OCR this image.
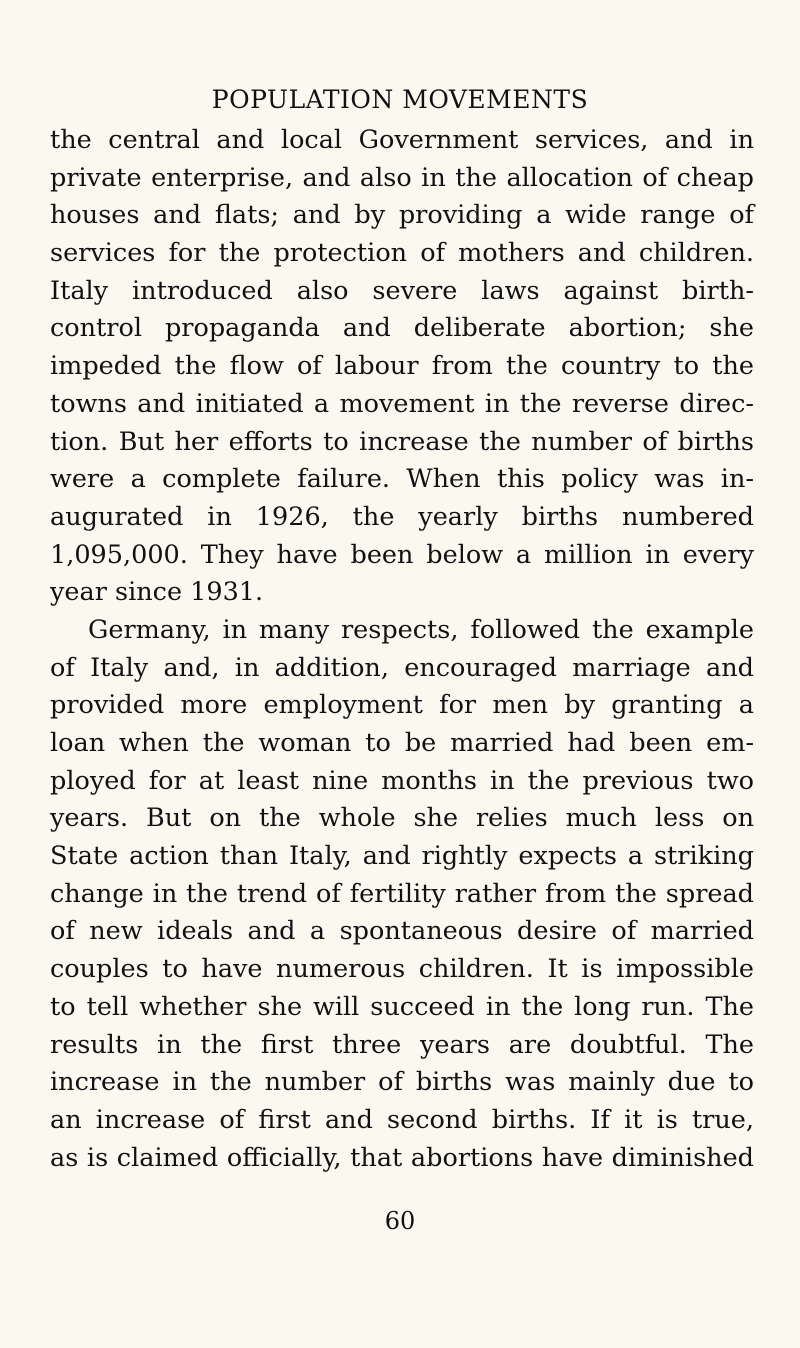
POPULATION MOVEMENTS
the central and local Government services, and in
private enterprise, and also in the allocation of cheap
houses and flats; and by providing a wide range of
services for the protection of mothers and children.
Italy introduced also severe laws against birth-
control propaganda and deliberate abortion; she
impeded the flow of labour from the country to the
towns and initiated a movement in the reverse direc-
tion. But her efforts to increase the number of births
were a complete failure. When this policy was in-
augurated in 1926, the yearly births numbered
1,095,000. They have been below a million in every
year since 1931.
Germany, in many respects, followed the example
of Italy and, in addition, encouraged marriage and
provided more employment for men by granting a
loan when the woman to be married had been em-
ployed for at least nine months in the previous two
years. But on the whole she relies much less on
State action than Italy, and rightly expects a striking
change in the trend of fertility rather from the spread
of new ideals and a spontaneous desire of married
couples to have numerous children. It is impossible
to tell whether she will succeed in the long run. The
results in the first three years are doubtful. The
increase in the number of births was mainly due to
an increase of first and second births. If it is true,
as is claimed officially, that abortions have diminished
60
